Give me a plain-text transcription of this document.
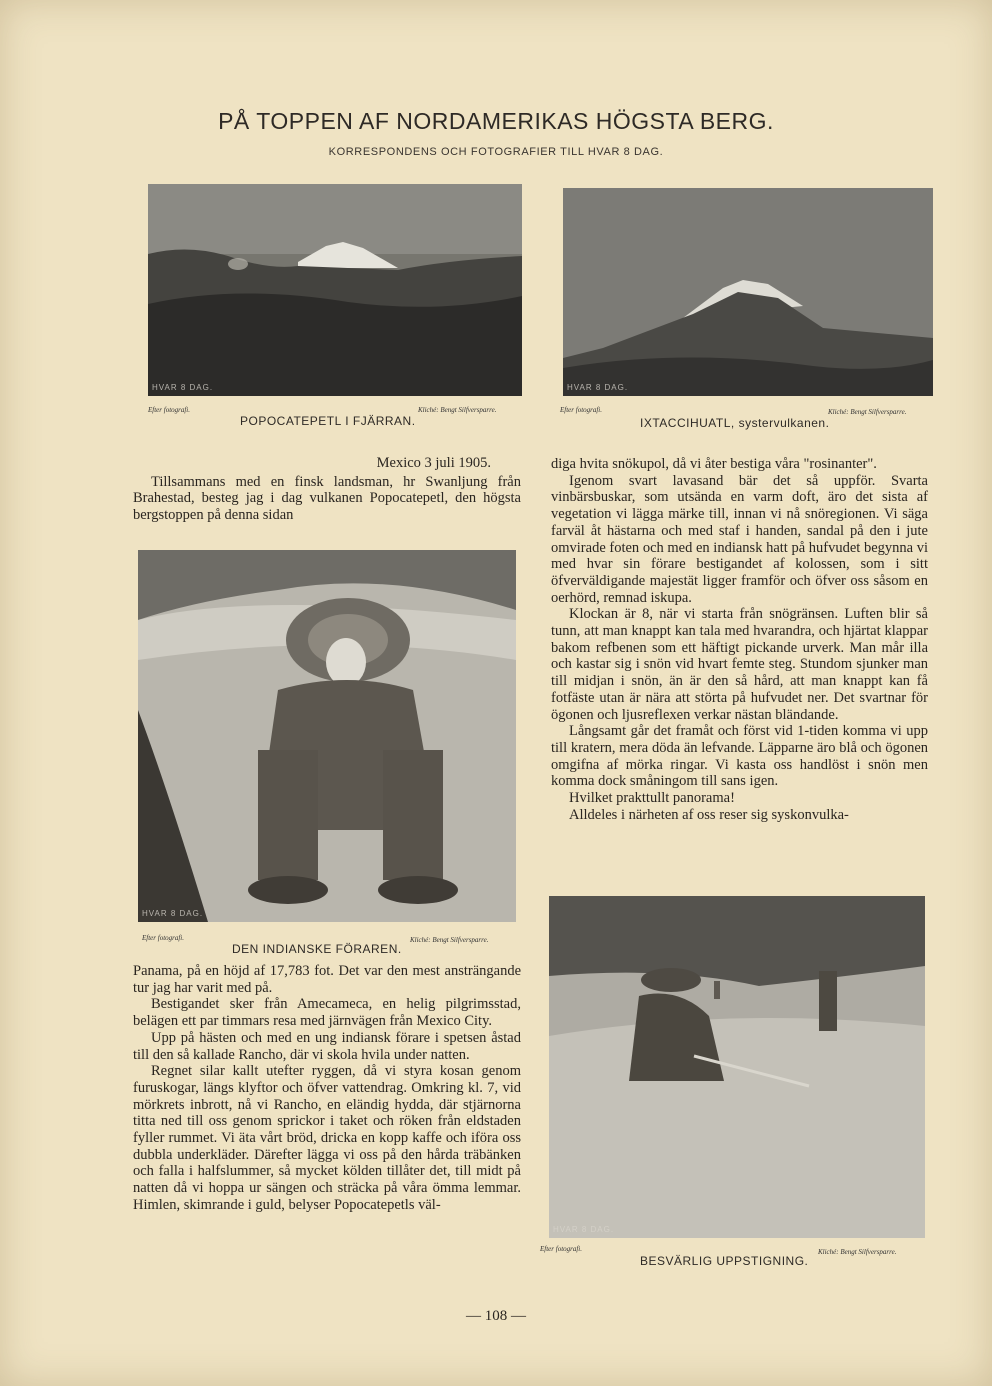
PÅ TOPPEN AF NORDAMERIKAS HÖGSTA BERG.
KORRESPONDENS OCH FOTOGRAFIER TILL HVAR 8 DAG.
HVAR 8 DAG.
Efter fotografi.	Kliché: Bengt Silfversparre.
POPOCATEPETL I FJÄRRAN.
HVAR 8 DAG.
Efter fotografi.	Kliché: Bengt Silfversparre.
IXTACCIHUATL, systervulkanen.

Mexico 3 juli 1905.

Tillsammans med en finsk landsman, hr Swanljung från Brahestad, besteg jag i dag vulkanen Popocatepetl, den högsta bergstoppen på denna sidan

HVAR 8 DAG.
Efter fotografi.	Kliché: Bengt Silfversparre.
DEN INDIANSKE FÖRAREN.

Panama, på en höjd af 17,783 fot. Det var den mest ansträngande tur jag har varit med på.

Bestigandet sker från Amecameca, en helig pilgrimsstad, belägen ett par timmars resa med järnvägen från Mexico City.

Upp på hästen och med en ung indiansk förare i spetsen åstad till den så kallade Rancho, där vi skola hvila under natten.

Regnet silar kallt utefter ryggen, då vi styra kosan genom furuskogar, längs klyftor och öfver vattendrag. Omkring kl. 7, vid mörkrets inbrott, nå vi Rancho, en eländig hydda, där stjärnorna titta ned till oss genom sprickor i taket och röken från eldstaden fyller rummet. Vi äta vårt bröd, dricka en kopp kaffe och iföra oss dubbla underkläder. Därefter lägga vi oss på den hårda träbänken och falla i halfslummer, så mycket kölden tillåter det, till midt på natten då vi hoppa ur sängen och sträcka på våra ömma lemmar. Himlen, skimrande i guld, belyser Popocatepetls väl-

diga hvita snökupol, då vi åter bestiga våra "rosinanter".

Igenom svart lavasand bär det så uppför. Svarta vinbärsbuskar, som utsända en varm doft, äro det sista af vegetation vi lägga märke till, innan vi nå snöregionen. Vi säga farväl åt hästarna och med staf i handen, sandal på den i jute omvirade foten och med en indiansk hatt på hufvudet begynna vi med hvar sin förare bestigandet af kolossen, som i sitt öfverväldigande majestät ligger framför och öfver oss såsom en oerhörd, remnad iskupa.

Klockan är 8, när vi starta från snögränsen. Luften blir så tunn, att man knappt kan tala med hvarandra, och hjärtat klappar bakom refbenen som ett häftigt pickande urverk. Man mår illa och kastar sig i snön vid hvart femte steg. Stundom sjunker man till midjan i snön, än är den så hård, att man knappt kan få fotfäste utan är nära att störta på hufvudet ner. Det svartnar för ögonen och ljusreflexen verkar nästan bländande.

Långsamt går det framåt och först vid 1-tiden komma vi upp till kratern, mera döda än lefvande. Läpparne äro blå och ögonen omgifna af mörka ringar. Vi kasta oss handlöst i snön men komma dock småningom till sans igen.

Hvilket prakttullt panorama!

Alldeles i närheten af oss reser sig syskonvulka-

HVAR 8 DAG.
Efter fotografi.	Kliché: Bengt Silfversparre.
BESVÄRLIG UPPSTIGNING.
— 108 —
